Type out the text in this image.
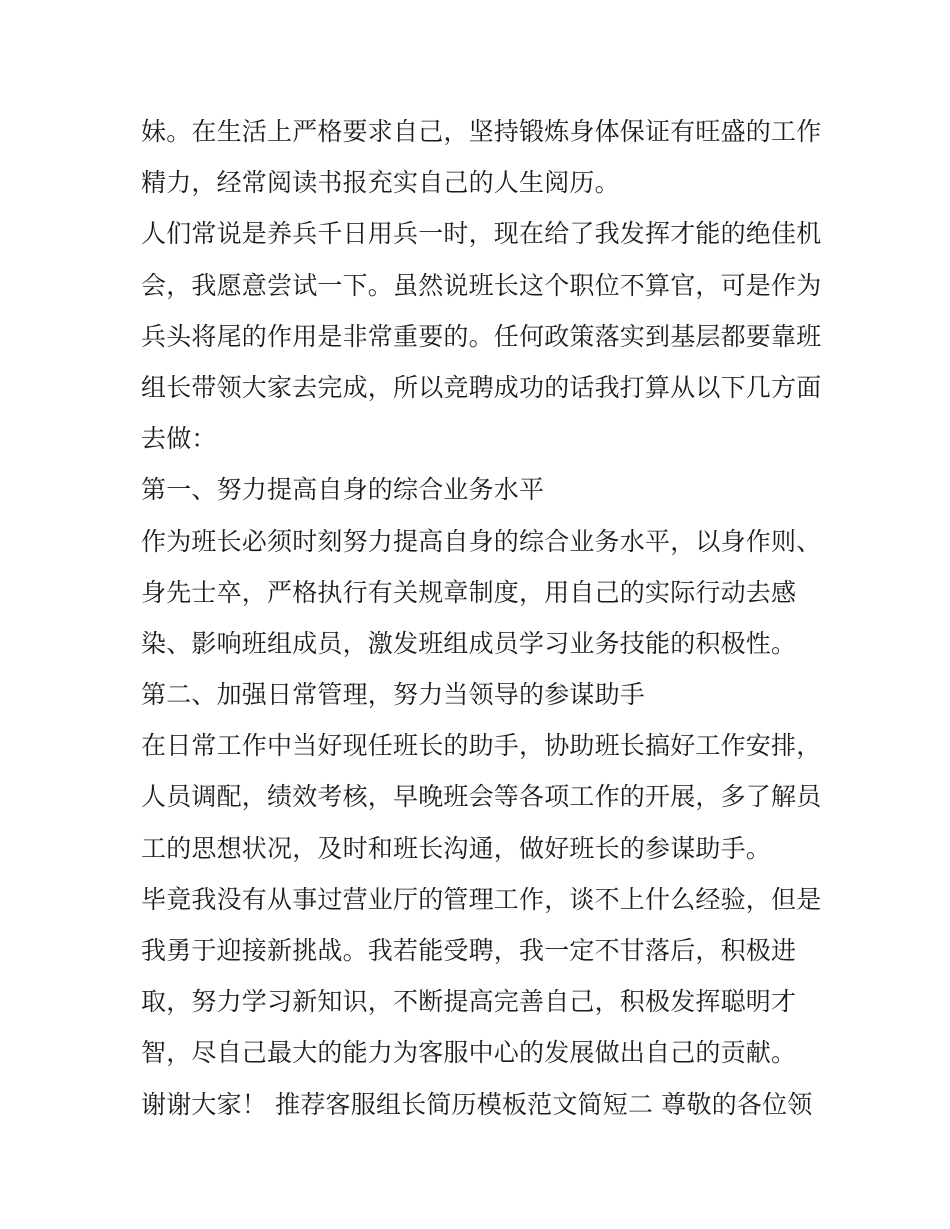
妹。在生活上严格要求自己，坚持锻炼身体保证有旺盛的工作
精力，经常阅读书报充实自己的人生阅历。
人们常说是养兵千日用兵一时，现在给了我发挥才能的绝佳机
会，我愿意尝试一下。虽然说班长这个职位不算官，可是作为
兵头将尾的作用是非常重要的。任何政策落实到基层都要靠班
组长带领大家去完成，所以竞聘成功的话我打算从以下几方面
去做：
第一、努力提高自身的综合业务水平
作为班长必须时刻努力提高自身的综合业务水平，以身作则、
身先士卒，严格执行有关规章制度，用自己的实际行动去感
染、影响班组成员，激发班组成员学习业务技能的积极性。
第二、加强日常管理，努力当领导的参谋助手
在日常工作中当好现任班长的助手，协助班长搞好工作安排，
人员调配，绩效考核，早晚班会等各项工作的开展，多了解员
工的思想状况，及时和班长沟通，做好班长的参谋助手。
毕竟我没有从事过营业厅的管理工作，谈不上什么经验，但是
我勇于迎接新挑战。我若能受聘，我一定不甘落后，积极进
取，努力学习新知识，不断提高完善自己，积极发挥聪明才
智，尽自己最大的能力为客服中心的发展做出自己的贡献。
谢谢大家！ 推荐客服组长简历模板范文简短二 尊敬的各位领
